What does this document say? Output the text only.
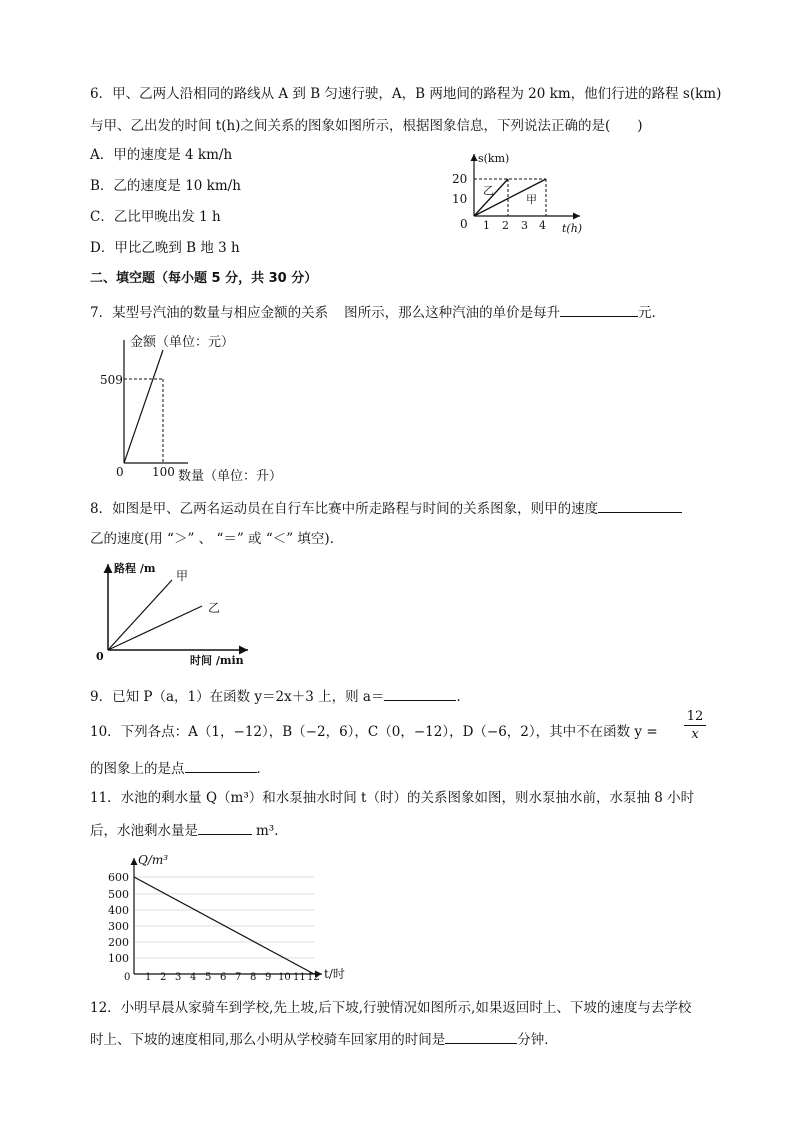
6．甲、乙两人沿相同的路线从 A 到 B 匀速行驶，A，B 两地间的路程为 20 km，他们行进的路程 s(km)
与甲、乙出发的时间 t(h)之间关系的图象如图所示，根据图象信息，下列说法正确的是(　　)
A．甲的速度是 4 km/h
B．乙的速度是 10 km/h
C．乙比甲晚出发 1 h
D．甲比乙晚到 B 地 3 h
s(km)
t(h)
0
20
10
1 2 3 4
乙
甲
二、填空题（每小题 5 分，共 30 分）
7．某型号汽油的数量与相应金额的关系 图所示，那么这种汽油的单价是每升	元．
金额（单位：元）
数量（单位：升）
0
509
100
8．如图是甲、乙两名运动员在自行车比赛中所走路程与时间的关系图象，则甲的速度
乙的速度(用 “＞” 、 “＝” 或 “＜” 填空)．
路程 /m
时间 /min
0
甲
乙
9．已知 P（a，1）在函数 y＝2x＋3 上，则 a＝	．
10．下列各点：A（1，−12），B（−2，6），C（0，−12），D（−6，2），其中不在函数 $y = \frac{12}{x}$
的图象上的是点	．
11．水池的剩水量 Q（m³）和水泵抽水时间 t（时）的关系图象如图，则水泵抽水前，水泵抽 8 小时
后，水池剩水量是	m³．
Q/m³
t/时
0
600
500
400
300
200
100
1 2 3 4 5 6 7 8 9 10 11 12
12．小明早晨从家骑车到学校,先上坡,后下坡,行驶情况如图所示,如果返回时上、下坡的速度与去学校
时上、下坡的速度相同,那么小明从学校骑车回家用的时间是	分钟．
